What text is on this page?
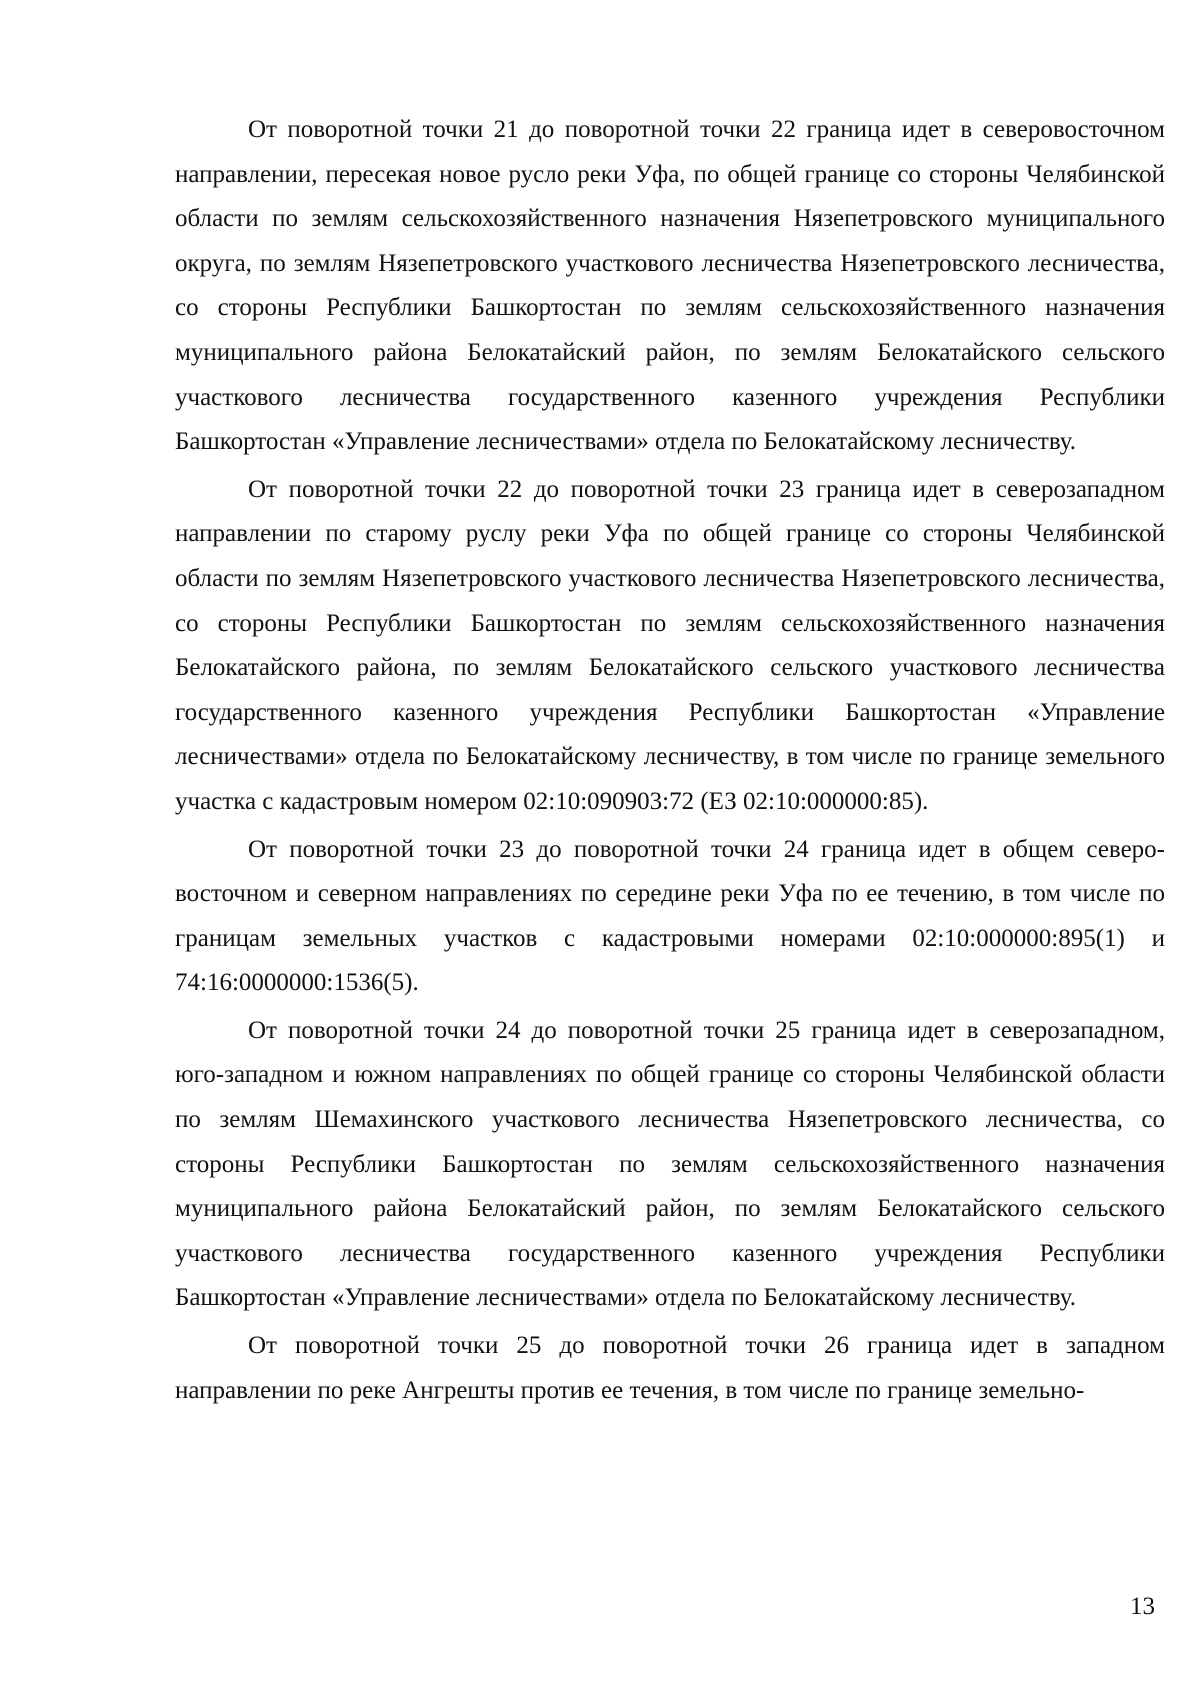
От поворотной точки 21 до поворотной точки 22 граница идет в северовосточном направлении, пересекая новое русло реки Уфа, по общей границе со стороны Челябинской области по землям сельскохозяйственного назначения Нязепетровского муниципального округа, по землям Нязепетровского участкового лесничества Нязепетровского лесничества, со стороны Республики Башкортостан по землям сельскохозяйственного назначения муниципального района Белокатайский район, по землям Белокатайского сельского участкового лесничества государственного казенного учреждения Республики Башкортостан «Управление лесничествами» отдела по Белокатайскому лесничеству.

От поворотной точки 22 до поворотной точки 23 граница идет в северозападном направлении по старому руслу реки Уфа по общей границе со стороны Челябинской области по землям Нязепетровского участкового лесничества Нязепетровского лесничества, со стороны Республики Башкортостан по землям сельскохозяйственного назначения Белокатайского района, по землям Белокатайского сельского участкового лесничества государственного казенного учреждения Республики Башкортостан «Управление лесничествами» отдела по Белокатайскому лесничеству, в том числе по границе земельного участка с кадастровым номером 02:10:090903:72 (ЕЗ 02:10:000000:85).

От поворотной точки 23 до поворотной точки 24 граница идет в общем северовосточном и северном направлениях по середине реки Уфа по ее течению, в том числе по границам земельных участков с кадастровыми номерами 02:10:000000:895(1) и 74:16:0000000:1536(5).

От поворотной точки 24 до поворотной точки 25 граница идет в северозападном, юго-западном и южном направлениях по общей границе со стороны Челябинской области по землям Шемахинского участкового лесничества Нязепетровского лесничества, со стороны Республики Башкортостан по землям сельскохозяйственного назначения муниципального района Белокатайский район, по землям Белокатайского сельского участкового лесничества государственного казенного учреждения Республики Башкортостан «Управление лесничествами» отдела по Белокатайскому лесничеству.

От поворотной точки 25 до поворотной точки 26 граница идет в западном направлении по реке Ангрешты против ее течения, в том числе по границе земельно-

13
